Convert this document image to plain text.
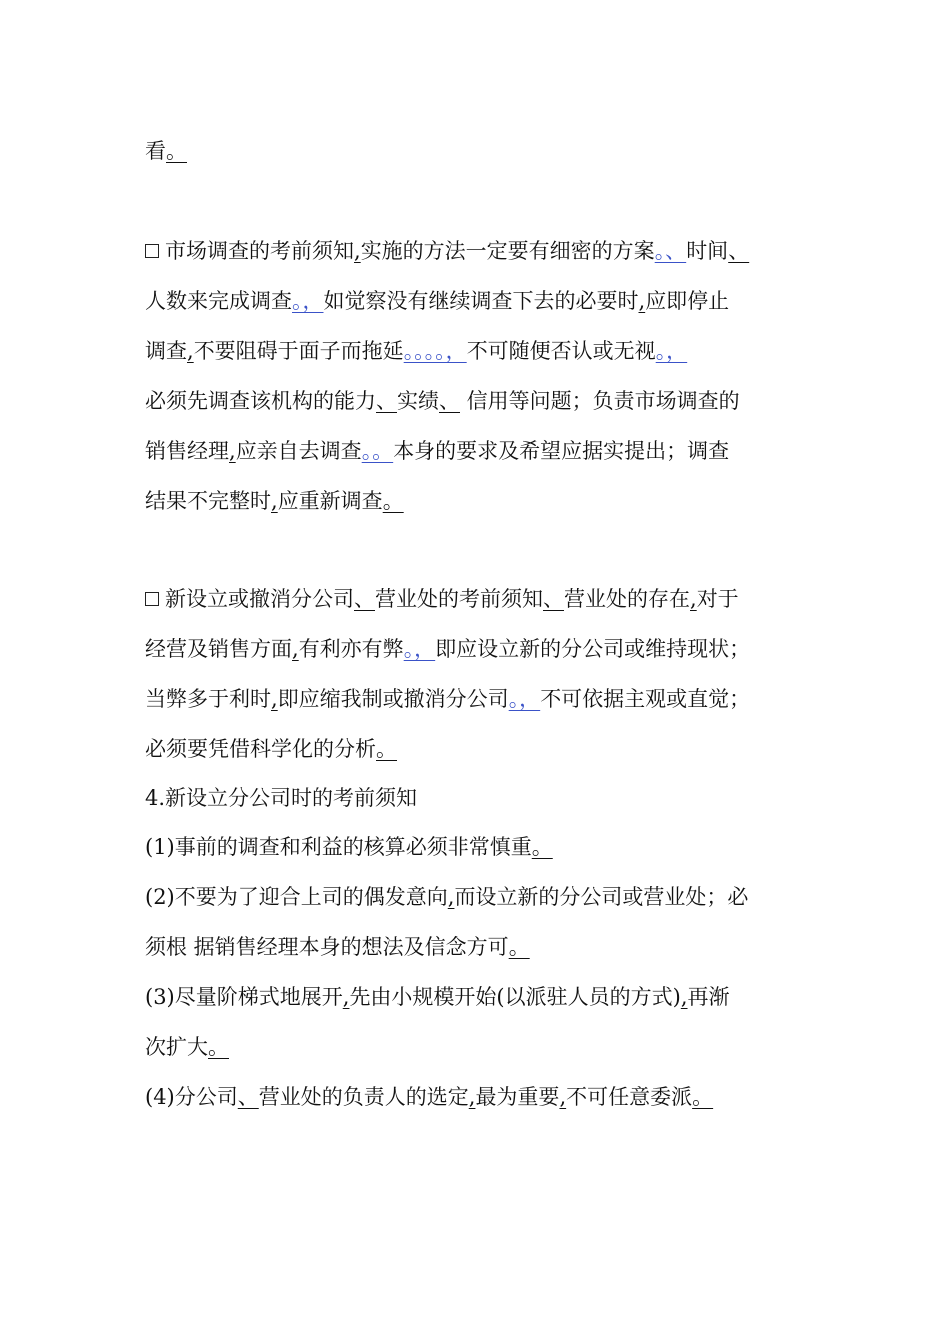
看。
市场调查的考前须知,实施的方法一定要有细密的方案。、时间、
人数来完成调查。，如觉察没有继续调查下去的必要时,应即停止
调查,不要阻碍于面子而拖延。。。。，不可随便否认或无视。，
必须先调查该机构的能力、实绩、 信用等问题；负责市场调查的
销售经理,应亲自去调查。。本身的要求及希望应据实提出；调查
结果不完整时,应重新调查。
新设立或撤消分公司、营业处的考前须知、营业处的存在,对于
经营及销售方面,有利亦有弊。，即应设立新的分公司或维持现状；
当弊多于利时,即应缩我制或撤消分公司。，不可依据主观或直觉；
必须要凭借科学化的分析。
4.新设立分公司时的考前须知
(1)事前的调查和利益的核算必须非常慎重。
(2)不要为了迎合上司的偶发意向,而设立新的分公司或营业处；必
须根 据销售经理本身的想法及信念方可。
(3)尽量阶梯式地展开,先由小规模开始(以派驻人员的方式),再渐
次扩大。
(4)分公司、营业处的负责人的选定,最为重要,不可任意委派。
